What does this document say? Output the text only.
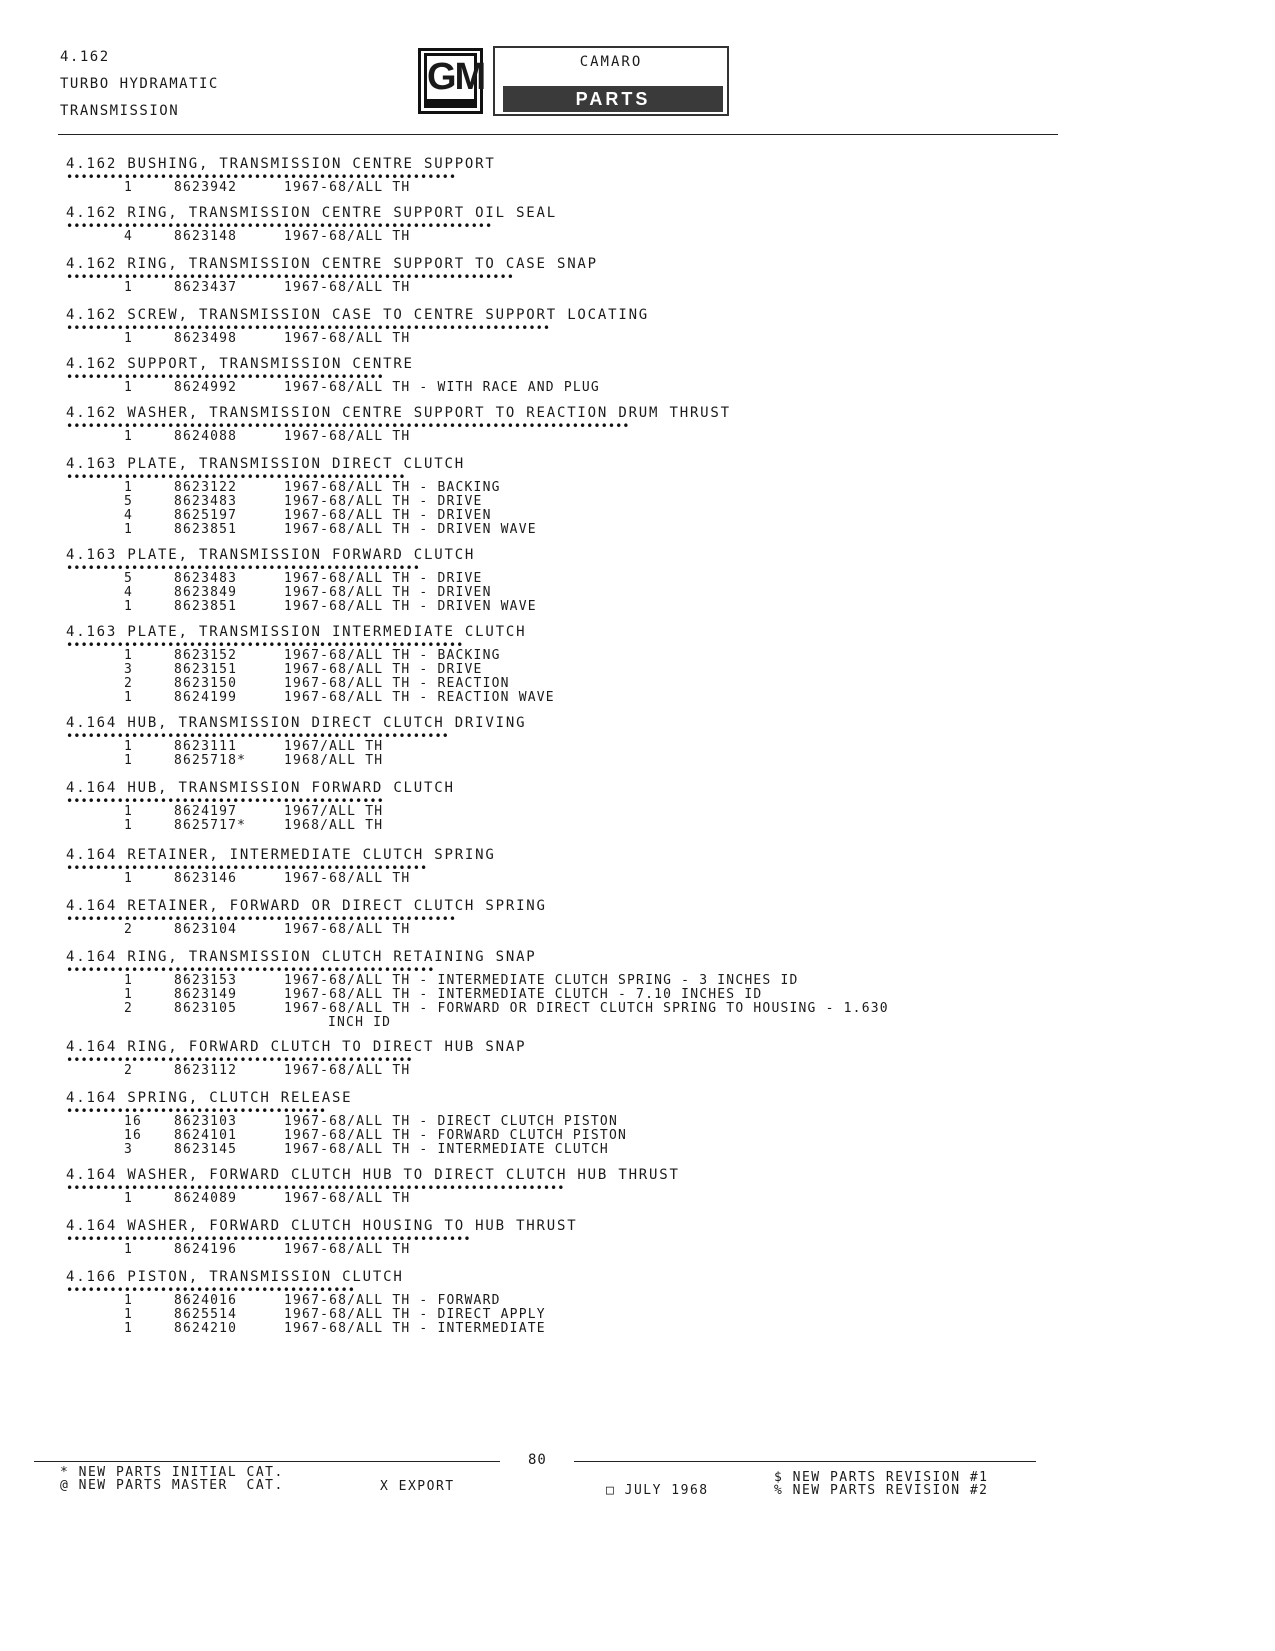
4.162
TURBO HYDRAMATIC
TRANSMISSION
GM	CAMARO
PARTS CATALOGUE
4.162 BUSHING, TRANSMISSION CENTRE SUPPORT
••••••••••••••••••••••••••••••••••••••••••••••••••••••
1	8623942	1967-68/ALL TH
4.162 RING, TRANSMISSION CENTRE SUPPORT OIL SEAL
•••••••••••••••••••••••••••••••••••••••••••••••••••••••••••
4	8623148	1967-68/ALL TH
4.162 RING, TRANSMISSION CENTRE SUPPORT TO CASE SNAP
••••••••••••••••••••••••••••••••••••••••••••••••••••••••••••••
1	8623437	1967-68/ALL TH
4.162 SCREW, TRANSMISSION CASE TO CENTRE SUPPORT LOCATING
•••••••••••••••••••••••••••••••••••••••••••••••••••••••••••••••••••
1	8623498	1967-68/ALL TH
4.162 SUPPORT, TRANSMISSION CENTRE
••••••••••••••••••••••••••••••••••••••••••••
1	8624992	1967-68/ALL TH - WITH RACE AND PLUG
4.162 WASHER, TRANSMISSION CENTRE SUPPORT TO REACTION DRUM THRUST
••••••••••••••••••••••••••••••••••••••••••••••••••••••••••••••••••••••••••••••
1	8624088	1967-68/ALL TH
4.163 PLATE, TRANSMISSION DIRECT CLUTCH
•••••••••••••••••••••••••••••••••••••••••••••••
1	8623122	1967-68/ALL TH - BACKING
5	8623483	1967-68/ALL TH - DRIVE
4	8625197	1967-68/ALL TH - DRIVEN
1	8623851	1967-68/ALL TH - DRIVEN WAVE
4.163 PLATE, TRANSMISSION FORWARD CLUTCH
•••••••••••••••••••••••••••••••••••••••••••••••••
5	8623483	1967-68/ALL TH - DRIVE
4	8623849	1967-68/ALL TH - DRIVEN
1	8623851	1967-68/ALL TH - DRIVEN WAVE
4.163 PLATE, TRANSMISSION INTERMEDIATE CLUTCH
•••••••••••••••••••••••••••••••••••••••••••••••••••••••
1	8623152	1967-68/ALL TH - BACKING
3	8623151	1967-68/ALL TH - DRIVE
2	8623150	1967-68/ALL TH - REACTION
1	8624199	1967-68/ALL TH - REACTION WAVE
4.164 HUB, TRANSMISSION DIRECT CLUTCH DRIVING
•••••••••••••••••••••••••••••••••••••••••••••••••••••
1	8623111	1967/ALL TH
1	8625718*	1968/ALL TH
4.164 HUB, TRANSMISSION FORWARD CLUTCH
••••••••••••••••••••••••••••••••••••••••••••
1	8624197	1967/ALL TH
1	8625717*	1968/ALL TH
4.164 RETAINER, INTERMEDIATE CLUTCH SPRING
••••••••••••••••••••••••••••••••••••••••••••••••••
1	8623146	1967-68/ALL TH
4.164 RETAINER, FORWARD OR DIRECT CLUTCH SPRING
••••••••••••••••••••••••••••••••••••••••••••••••••••••
2	8623104	1967-68/ALL TH
4.164 RING, TRANSMISSION CLUTCH RETAINING SNAP
•••••••••••••••••••••••••••••••••••••••••••••••••••
1	8623153	1967-68/ALL TH - INTERMEDIATE CLUTCH SPRING - 3 INCHES ID
1	8623149	1967-68/ALL TH - INTERMEDIATE CLUTCH - 7.10 INCHES ID
2	8623105	1967-68/ALL TH - FORWARD OR DIRECT CLUTCH SPRING TO HOUSING - 1.630
INCH ID
4.164 RING, FORWARD CLUTCH TO DIRECT HUB SNAP
••••••••••••••••••••••••••••••••••••••••••••••••
2	8623112	1967-68/ALL TH
4.164 SPRING, CLUTCH RELEASE
••••••••••••••••••••••••••••••••••••
16	8623103	1967-68/ALL TH - DIRECT CLUTCH PISTON
16	8624101	1967-68/ALL TH - FORWARD CLUTCH PISTON
3	8623145	1967-68/ALL TH - INTERMEDIATE CLUTCH
4.164 WASHER, FORWARD CLUTCH HUB TO DIRECT CLUTCH HUB THRUST
•••••••••••••••••••••••••••••••••••••••••••••••••••••••••••••••••••••
1	8624089	1967-68/ALL TH
4.164 WASHER, FORWARD CLUTCH HOUSING TO HUB THRUST
••••••••••••••••••••••••••••••••••••••••••••••••••••••••
1	8624196	1967-68/ALL TH
4.166 PISTON, TRANSMISSION CLUTCH
••••••••••••••••••••••••••••••••••••••••
1	8624016	1967-68/ALL TH - FORWARD
1	8625514	1967-68/ALL TH - DIRECT APPLY
1	8624210	1967-68/ALL TH - INTERMEDIATE
80
* NEW PARTS INITIAL CAT.
@ NEW PARTS MASTER  CAT.	X EXPORT	□ JULY 1968
$ NEW PARTS REVISION #1
% NEW PARTS REVISION #2
